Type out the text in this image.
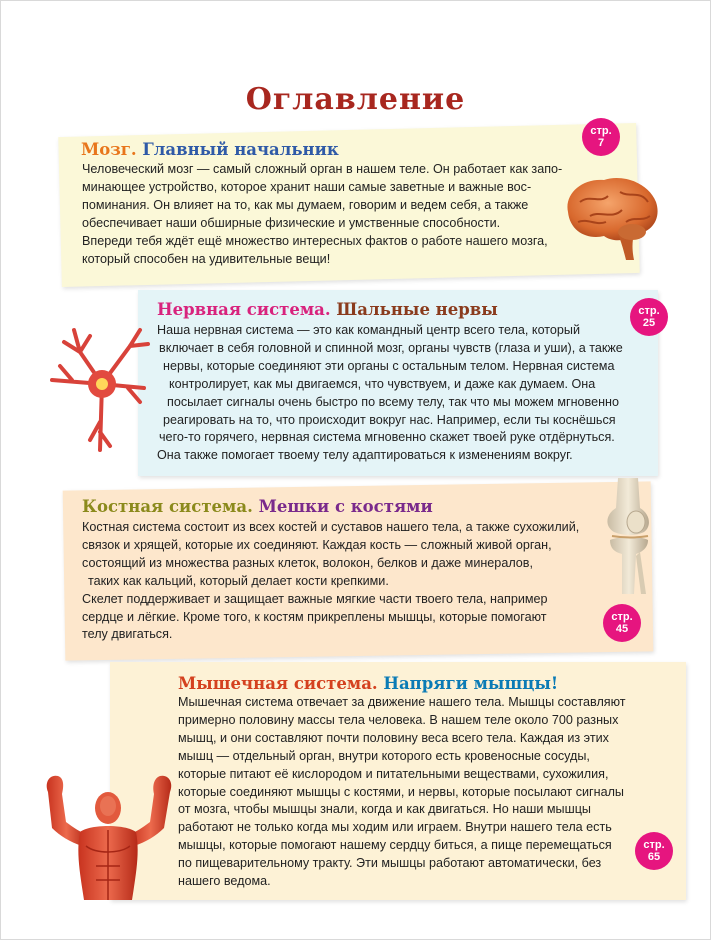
Оглавление
Мозг. Главный начальник
Человеческий мозг — самый сложный орган в нашем теле. Он работает как запо-
минающее устройство, которое хранит наши самые заветные и важные вос-
поминания. Он влияет на то, как мы думаем, говорим и ведем себя, а также
обеспечивает наши обширные физические и умственные способности.
Впереди тебя ждёт ещё множество интересных фактов о работе нашего мозга,
который способен на удивительные вещи!
стр.
7
Нервная система. Шальные нервы
Наша нервная система — это как командный центр всего тела, который
включает в себя головной и спинной мозг, органы чувств (глаза и уши), а также
нервы, которые соединяют эти органы с остальным телом. Нервная система
контролирует, как мы двигаемся, что чувствуем, и даже как думаем. Она
посылает сигналы очень быстро по всему телу, так что мы можем мгновенно
реагировать на то, что происходит вокруг нас. Например, если ты коснёшься
чего-то горячего, нервная система мгновенно скажет твоей руке отдёрнуться.
Она также помогает твоему телу адаптироваться к изменениям вокруг.
стр.
25
Костная система. Мешки с костями
Костная система состоит из всех костей и суставов нашего тела, а также сухожилий,
связок и хрящей, которые их соединяют. Каждая кость — сложный живой орган,
состоящий из множества разных клеток, волокон, белков и даже минералов,
таких как кальций, который делает кости крепкими.
Скелет поддерживает и защищает важные мягкие части твоего тела, например
сердце и лёгкие. Кроме того, к костям прикреплены мышцы, которые помогают
телу двигаться.
стр.
45
Мышечная система. Напряги мышцы!
Мышечная система отвечает за движение нашего тела. Мышцы составляют
примерно половину массы тела человека. В нашем теле около 700 разных
мышц, и они составляют почти половину веса всего тела. Каждая из этих
мышц — отдельный орган, внутри которого есть кровеносные сосуды,
которые питают её кислородом и питательными веществами, сухожилия,
которые соединяют мышцы с костями, и нервы, которые посылают сигналы
от мозга, чтобы мышцы знали, когда и как двигаться. Но наши мышцы
работают не только когда мы ходим или играем. Внутри нашего тела есть
мышцы, которые помогают нашему сердцу биться, а пище перемещаться
по пищеварительному тракту. Эти мышцы работают автоматически, без
нашего ведома.
стр.
65
